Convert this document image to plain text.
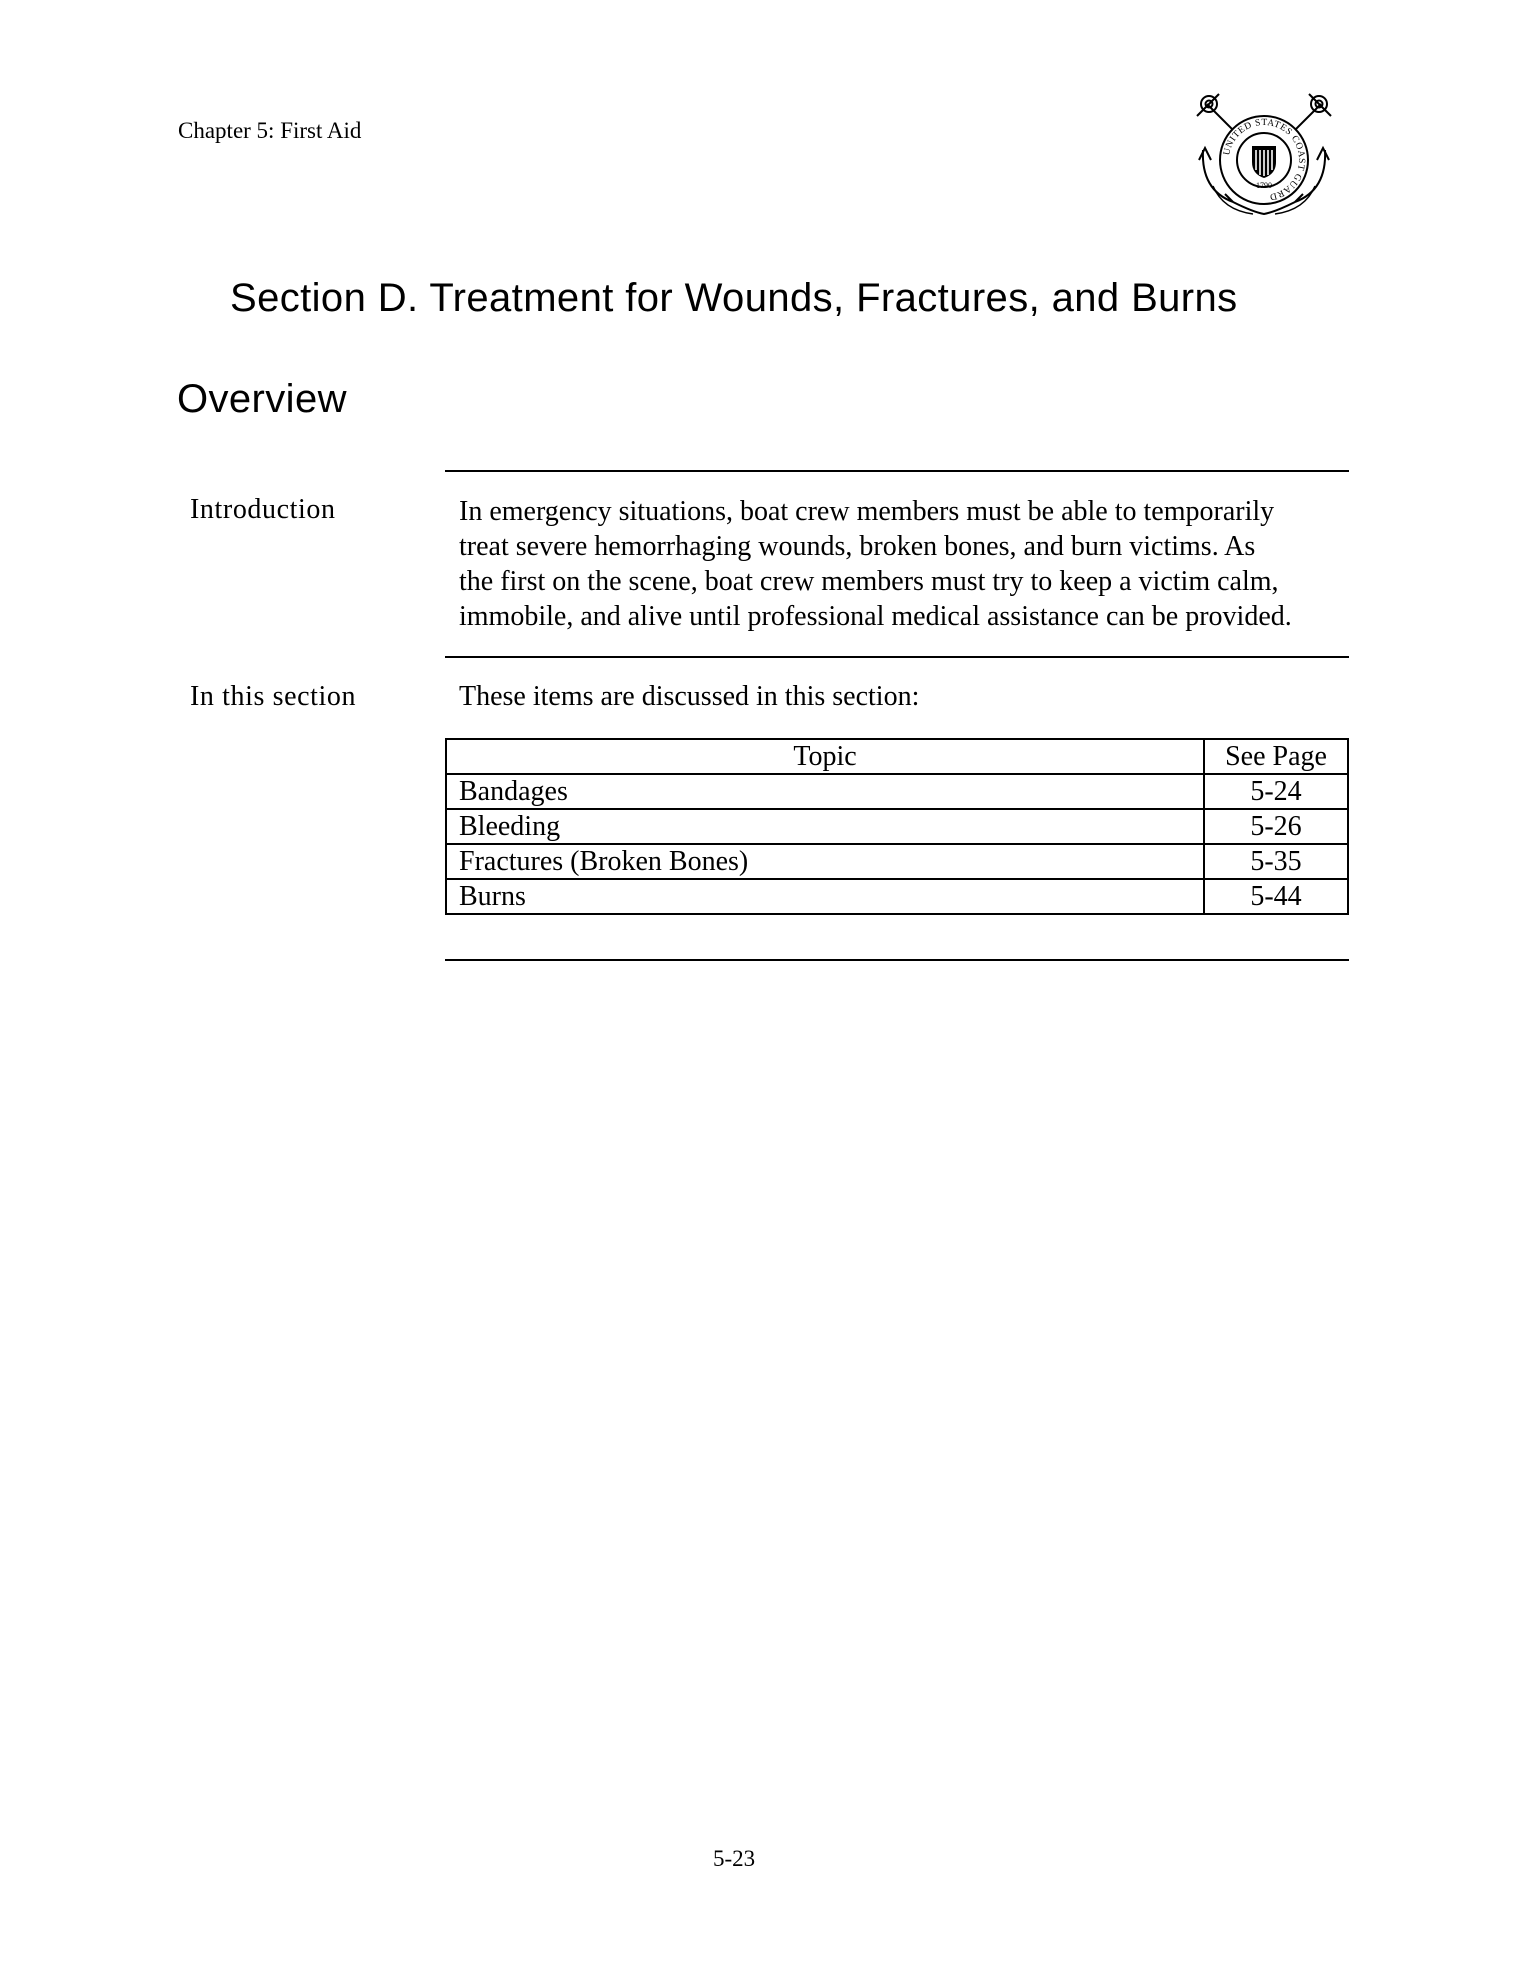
Chapter 5: First Aid
UNITED STATES COAST GUARD
1790
Section D. Treatment for Wounds, Fractures, and Burns
Overview
Introduction	In emergency situations, boat crew members must be able to temporarily
treat severe hemorrhaging wounds, broken bones, and burn victims. As
the first on the scene, boat crew members must try to keep a victim calm,
immobile, and alive until professional medical assistance can be provided.
In this section	These items are discussed in this section:
Topic	See Page
Bandages	5-24
Bleeding	5-26
Fractures (Broken Bones)	5-35
Burns	5-44
5-23
